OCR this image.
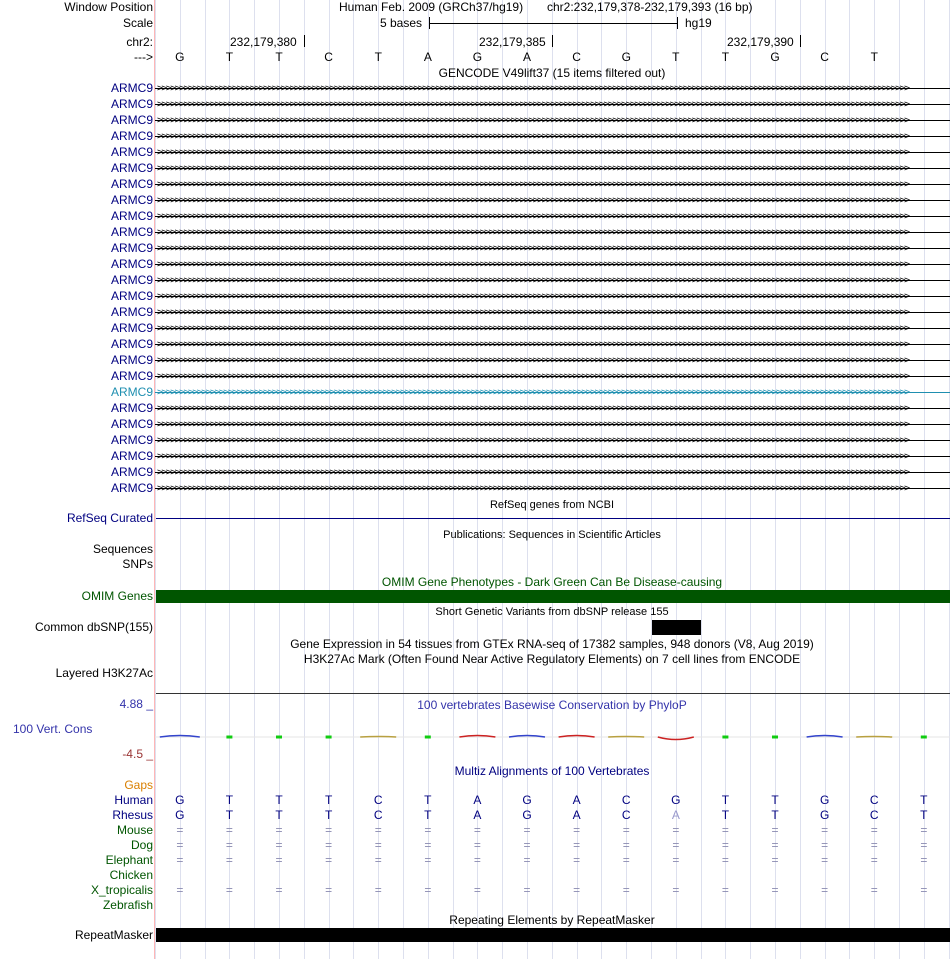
Window Position	Human Feb. 2009 (GRCh37/hg19) chr2:232,179,378-232,179,393 (16 bp)
Scale	5 bases	hg19
chr2:	232,179,380	232,179,385	232,179,390
--->	G	T	T	C	T	A	G	A	C	G	T	T	G	C	T
GENCODE V49lift37 (15 items filtered out)
ARMC9 >>>>>>>>>>>>>>>>>>>>>>>>>>>>>>>>>>>>>>>>>>>>>>>>>>>>>>>>>>>>>>>>>>>>>>>>>>>>>>>>>>>>>>>>>>>>>>>>>>>>>>>>>>>>>>>>>>>>>>>>>>>>>>>>>>>>>>>>>>>>>>>>>>>>>>>>>>>>>>>>>>>>>>>>>>
ARMC9 >>>>>>>>>>>>>>>>>>>>>>>>>>>>>>>>>>>>>>>>>>>>>>>>>>>>>>>>>>>>>>>>>>>>>>>>>>>>>>>>>>>>>>>>>>>>>>>>>>>>>>>>>>>>>>>>>>>>>>>>>>>>>>>>>>>>>>>>>>>>>>>>>>>>>>>>>>>>>>>>>>>>>>>>>>
ARMC9 >>>>>>>>>>>>>>>>>>>>>>>>>>>>>>>>>>>>>>>>>>>>>>>>>>>>>>>>>>>>>>>>>>>>>>>>>>>>>>>>>>>>>>>>>>>>>>>>>>>>>>>>>>>>>>>>>>>>>>>>>>>>>>>>>>>>>>>>>>>>>>>>>>>>>>>>>>>>>>>>>>>>>>>>>>
ARMC9 >>>>>>>>>>>>>>>>>>>>>>>>>>>>>>>>>>>>>>>>>>>>>>>>>>>>>>>>>>>>>>>>>>>>>>>>>>>>>>>>>>>>>>>>>>>>>>>>>>>>>>>>>>>>>>>>>>>>>>>>>>>>>>>>>>>>>>>>>>>>>>>>>>>>>>>>>>>>>>>>>>>>>>>>>>
ARMC9 >>>>>>>>>>>>>>>>>>>>>>>>>>>>>>>>>>>>>>>>>>>>>>>>>>>>>>>>>>>>>>>>>>>>>>>>>>>>>>>>>>>>>>>>>>>>>>>>>>>>>>>>>>>>>>>>>>>>>>>>>>>>>>>>>>>>>>>>>>>>>>>>>>>>>>>>>>>>>>>>>>>>>>>>>>
ARMC9 >>>>>>>>>>>>>>>>>>>>>>>>>>>>>>>>>>>>>>>>>>>>>>>>>>>>>>>>>>>>>>>>>>>>>>>>>>>>>>>>>>>>>>>>>>>>>>>>>>>>>>>>>>>>>>>>>>>>>>>>>>>>>>>>>>>>>>>>>>>>>>>>>>>>>>>>>>>>>>>>>>>>>>>>>>
ARMC9 >>>>>>>>>>>>>>>>>>>>>>>>>>>>>>>>>>>>>>>>>>>>>>>>>>>>>>>>>>>>>>>>>>>>>>>>>>>>>>>>>>>>>>>>>>>>>>>>>>>>>>>>>>>>>>>>>>>>>>>>>>>>>>>>>>>>>>>>>>>>>>>>>>>>>>>>>>>>>>>>>>>>>>>>>>
ARMC9 >>>>>>>>>>>>>>>>>>>>>>>>>>>>>>>>>>>>>>>>>>>>>>>>>>>>>>>>>>>>>>>>>>>>>>>>>>>>>>>>>>>>>>>>>>>>>>>>>>>>>>>>>>>>>>>>>>>>>>>>>>>>>>>>>>>>>>>>>>>>>>>>>>>>>>>>>>>>>>>>>>>>>>>>>>
ARMC9 >>>>>>>>>>>>>>>>>>>>>>>>>>>>>>>>>>>>>>>>>>>>>>>>>>>>>>>>>>>>>>>>>>>>>>>>>>>>>>>>>>>>>>>>>>>>>>>>>>>>>>>>>>>>>>>>>>>>>>>>>>>>>>>>>>>>>>>>>>>>>>>>>>>>>>>>>>>>>>>>>>>>>>>>>>
ARMC9 >>>>>>>>>>>>>>>>>>>>>>>>>>>>>>>>>>>>>>>>>>>>>>>>>>>>>>>>>>>>>>>>>>>>>>>>>>>>>>>>>>>>>>>>>>>>>>>>>>>>>>>>>>>>>>>>>>>>>>>>>>>>>>>>>>>>>>>>>>>>>>>>>>>>>>>>>>>>>>>>>>>>>>>>>>
ARMC9 >>>>>>>>>>>>>>>>>>>>>>>>>>>>>>>>>>>>>>>>>>>>>>>>>>>>>>>>>>>>>>>>>>>>>>>>>>>>>>>>>>>>>>>>>>>>>>>>>>>>>>>>>>>>>>>>>>>>>>>>>>>>>>>>>>>>>>>>>>>>>>>>>>>>>>>>>>>>>>>>>>>>>>>>>>
ARMC9 >>>>>>>>>>>>>>>>>>>>>>>>>>>>>>>>>>>>>>>>>>>>>>>>>>>>>>>>>>>>>>>>>>>>>>>>>>>>>>>>>>>>>>>>>>>>>>>>>>>>>>>>>>>>>>>>>>>>>>>>>>>>>>>>>>>>>>>>>>>>>>>>>>>>>>>>>>>>>>>>>>>>>>>>>>
ARMC9 >>>>>>>>>>>>>>>>>>>>>>>>>>>>>>>>>>>>>>>>>>>>>>>>>>>>>>>>>>>>>>>>>>>>>>>>>>>>>>>>>>>>>>>>>>>>>>>>>>>>>>>>>>>>>>>>>>>>>>>>>>>>>>>>>>>>>>>>>>>>>>>>>>>>>>>>>>>>>>>>>>>>>>>>>>
ARMC9 >>>>>>>>>>>>>>>>>>>>>>>>>>>>>>>>>>>>>>>>>>>>>>>>>>>>>>>>>>>>>>>>>>>>>>>>>>>>>>>>>>>>>>>>>>>>>>>>>>>>>>>>>>>>>>>>>>>>>>>>>>>>>>>>>>>>>>>>>>>>>>>>>>>>>>>>>>>>>>>>>>>>>>>>>>
ARMC9 >>>>>>>>>>>>>>>>>>>>>>>>>>>>>>>>>>>>>>>>>>>>>>>>>>>>>>>>>>>>>>>>>>>>>>>>>>>>>>>>>>>>>>>>>>>>>>>>>>>>>>>>>>>>>>>>>>>>>>>>>>>>>>>>>>>>>>>>>>>>>>>>>>>>>>>>>>>>>>>>>>>>>>>>>>
ARMC9 >>>>>>>>>>>>>>>>>>>>>>>>>>>>>>>>>>>>>>>>>>>>>>>>>>>>>>>>>>>>>>>>>>>>>>>>>>>>>>>>>>>>>>>>>>>>>>>>>>>>>>>>>>>>>>>>>>>>>>>>>>>>>>>>>>>>>>>>>>>>>>>>>>>>>>>>>>>>>>>>>>>>>>>>>>
ARMC9 >>>>>>>>>>>>>>>>>>>>>>>>>>>>>>>>>>>>>>>>>>>>>>>>>>>>>>>>>>>>>>>>>>>>>>>>>>>>>>>>>>>>>>>>>>>>>>>>>>>>>>>>>>>>>>>>>>>>>>>>>>>>>>>>>>>>>>>>>>>>>>>>>>>>>>>>>>>>>>>>>>>>>>>>>>
ARMC9 >>>>>>>>>>>>>>>>>>>>>>>>>>>>>>>>>>>>>>>>>>>>>>>>>>>>>>>>>>>>>>>>>>>>>>>>>>>>>>>>>>>>>>>>>>>>>>>>>>>>>>>>>>>>>>>>>>>>>>>>>>>>>>>>>>>>>>>>>>>>>>>>>>>>>>>>>>>>>>>>>>>>>>>>>>
ARMC9 >>>>>>>>>>>>>>>>>>>>>>>>>>>>>>>>>>>>>>>>>>>>>>>>>>>>>>>>>>>>>>>>>>>>>>>>>>>>>>>>>>>>>>>>>>>>>>>>>>>>>>>>>>>>>>>>>>>>>>>>>>>>>>>>>>>>>>>>>>>>>>>>>>>>>>>>>>>>>>>>>>>>>>>>>>
ARMC9 >>>>>>>>>>>>>>>>>>>>>>>>>>>>>>>>>>>>>>>>>>>>>>>>>>>>>>>>>>>>>>>>>>>>>>>>>>>>>>>>>>>>>>>>>>>>>>>>>>>>>>>>>>>>>>>>>>>>>>>>>>>>>>>>>>>>>>>>>>>>>>>>>>>>>>>>>>>>>>>>>>>>>>>>>>
ARMC9 >>>>>>>>>>>>>>>>>>>>>>>>>>>>>>>>>>>>>>>>>>>>>>>>>>>>>>>>>>>>>>>>>>>>>>>>>>>>>>>>>>>>>>>>>>>>>>>>>>>>>>>>>>>>>>>>>>>>>>>>>>>>>>>>>>>>>>>>>>>>>>>>>>>>>>>>>>>>>>>>>>>>>>>>>>
ARMC9 >>>>>>>>>>>>>>>>>>>>>>>>>>>>>>>>>>>>>>>>>>>>>>>>>>>>>>>>>>>>>>>>>>>>>>>>>>>>>>>>>>>>>>>>>>>>>>>>>>>>>>>>>>>>>>>>>>>>>>>>>>>>>>>>>>>>>>>>>>>>>>>>>>>>>>>>>>>>>>>>>>>>>>>>>>
ARMC9 >>>>>>>>>>>>>>>>>>>>>>>>>>>>>>>>>>>>>>>>>>>>>>>>>>>>>>>>>>>>>>>>>>>>>>>>>>>>>>>>>>>>>>>>>>>>>>>>>>>>>>>>>>>>>>>>>>>>>>>>>>>>>>>>>>>>>>>>>>>>>>>>>>>>>>>>>>>>>>>>>>>>>>>>>>
ARMC9 >>>>>>>>>>>>>>>>>>>>>>>>>>>>>>>>>>>>>>>>>>>>>>>>>>>>>>>>>>>>>>>>>>>>>>>>>>>>>>>>>>>>>>>>>>>>>>>>>>>>>>>>>>>>>>>>>>>>>>>>>>>>>>>>>>>>>>>>>>>>>>>>>>>>>>>>>>>>>>>>>>>>>>>>>>
ARMC9 >>>>>>>>>>>>>>>>>>>>>>>>>>>>>>>>>>>>>>>>>>>>>>>>>>>>>>>>>>>>>>>>>>>>>>>>>>>>>>>>>>>>>>>>>>>>>>>>>>>>>>>>>>>>>>>>>>>>>>>>>>>>>>>>>>>>>>>>>>>>>>>>>>>>>>>>>>>>>>>>>>>>>>>>>>
ARMC9 >>>>>>>>>>>>>>>>>>>>>>>>>>>>>>>>>>>>>>>>>>>>>>>>>>>>>>>>>>>>>>>>>>>>>>>>>>>>>>>>>>>>>>>>>>>>>>>>>>>>>>>>>>>>>>>>>>>>>>>>>>>>>>>>>>>>>>>>>>>>>>>>>>>>>>>>>>>>>>>>>>>>>>>>>>
RefSeq genes from NCBI
RefSeq Curated
Publications: Sequences in Scientific Articles
Sequences
SNPs
OMIM Gene Phenotypes - Dark Green Can Be Disease-causing
OMIM Genes
Short Genetic Variants from dbSNP release 155
Common dbSNP(155)
Gene Expression in 54 tissues from GTEx RNA-seq of 17382 samples, 948 donors (V8, Aug 2019)
H3K27Ac Mark (Often Found Near Active Regulatory Elements) on 7 cell lines from ENCODE
Layered H3K27Ac
4.88 _	100 vertebrates Basewise Conservation by PhyloP
100 Vert. Cons
-4.5 _
Multiz Alignments of 100 Vertebrates
Gaps
Human	G	T	T	T	C	T	A	G	A	C	G	T	T	G	C	T
Rhesus	G	T	T	T	C	T	A	G	A	C	A	T	T	G	C	T
Mouse	=	=	=	=	=	=	=	=	=	=	=	=	=	=	=	=
Dog	=	=	=	=	=	=	=	=	=	=	=	=	=	=	=	=
Elephant	=	=	=	=	=	=	=	=	=	=	=	=	=	=	=	=
Chicken
X_tropicalis	=	=	=	=	=	=	=	=	=	=	=	=	=	=	=	=
Zebrafish
Repeating Elements by RepeatMasker
RepeatMasker
